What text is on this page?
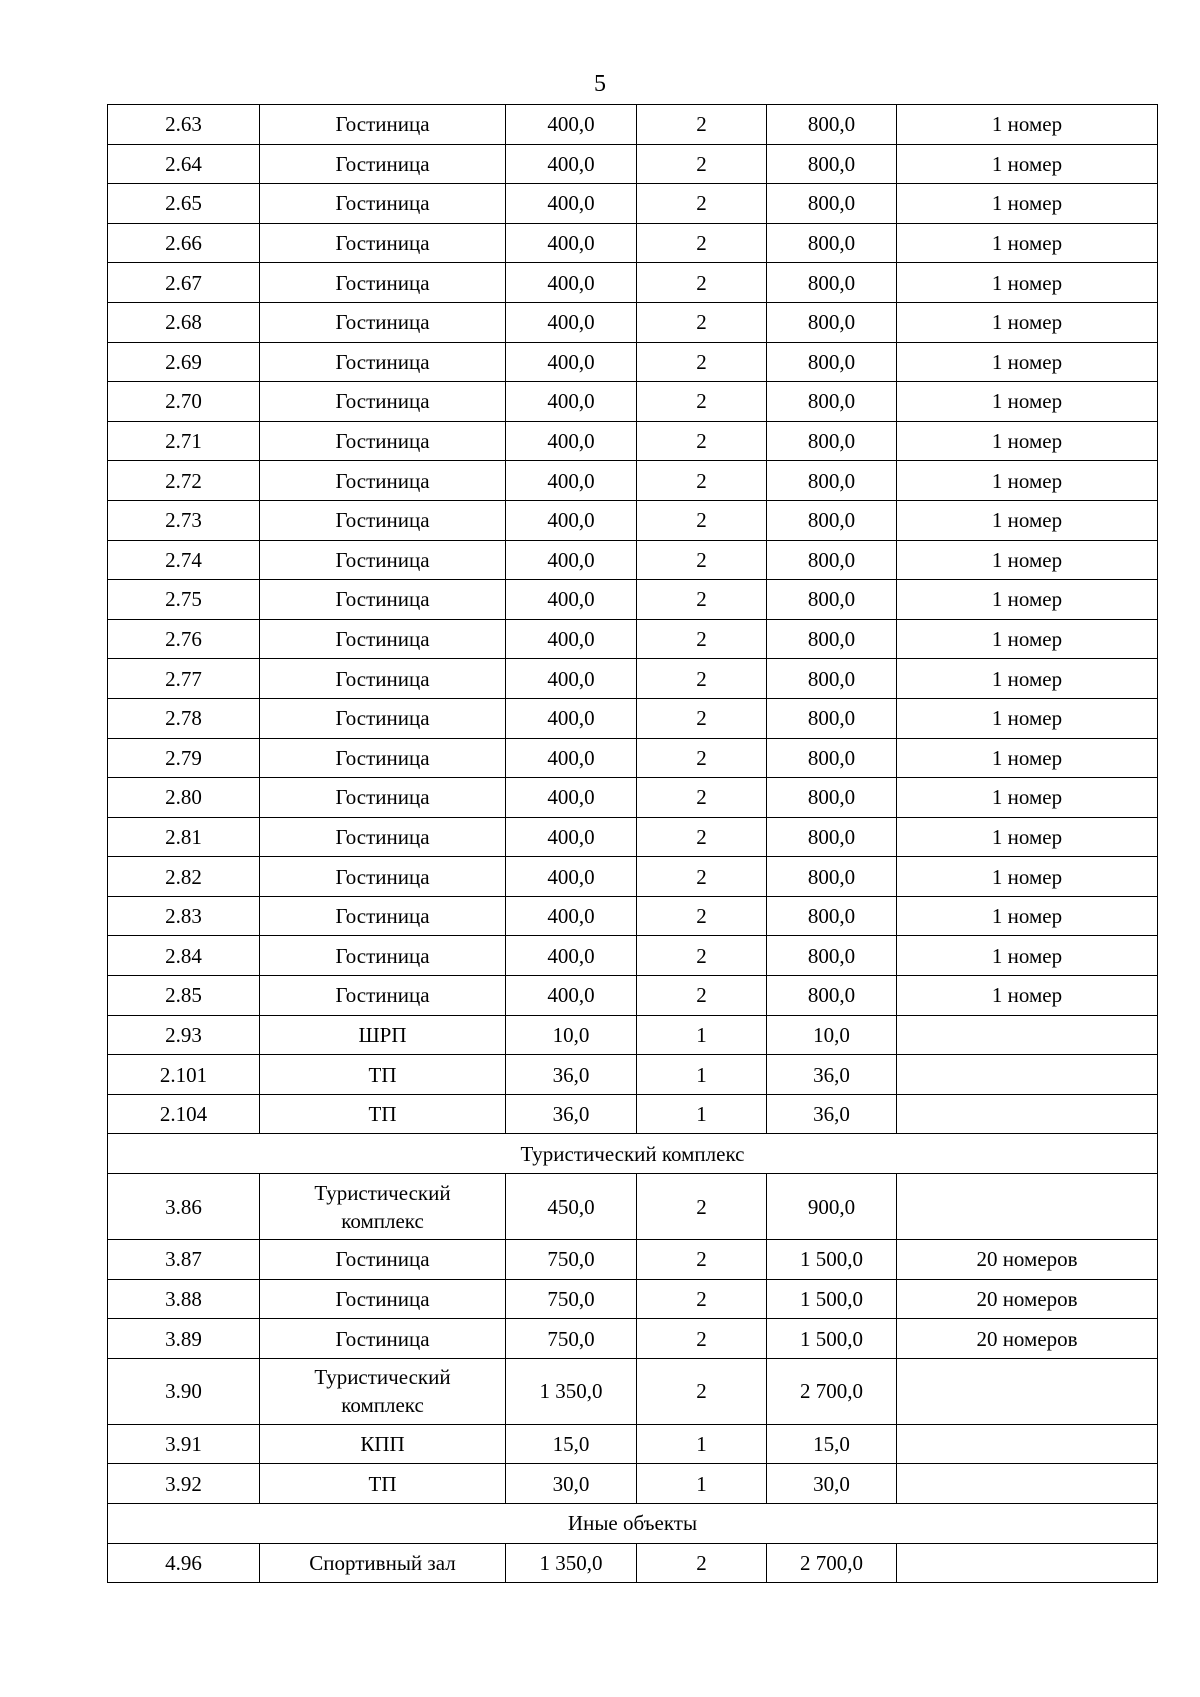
5
2.63	Гостиница	400,0	2	800,0	1 номер
2.64	Гостиница	400,0	2	800,0	1 номер
2.65	Гостиница	400,0	2	800,0	1 номер
2.66	Гостиница	400,0	2	800,0	1 номер
2.67	Гостиница	400,0	2	800,0	1 номер
2.68	Гостиница	400,0	2	800,0	1 номер
2.69	Гостиница	400,0	2	800,0	1 номер
2.70	Гостиница	400,0	2	800,0	1 номер
2.71	Гостиница	400,0	2	800,0	1 номер
2.72	Гостиница	400,0	2	800,0	1 номер
2.73	Гостиница	400,0	2	800,0	1 номер
2.74	Гостиница	400,0	2	800,0	1 номер
2.75	Гостиница	400,0	2	800,0	1 номер
2.76	Гостиница	400,0	2	800,0	1 номер
2.77	Гостиница	400,0	2	800,0	1 номер
2.78	Гостиница	400,0	2	800,0	1 номер
2.79	Гостиница	400,0	2	800,0	1 номер
2.80	Гостиница	400,0	2	800,0	1 номер
2.81	Гостиница	400,0	2	800,0	1 номер
2.82	Гостиница	400,0	2	800,0	1 номер
2.83	Гостиница	400,0	2	800,0	1 номер
2.84	Гостиница	400,0	2	800,0	1 номер
2.85	Гостиница	400,0	2	800,0	1 номер
2.93	ШРП	10,0	1	10,0	
2.101	ТП	36,0	1	36,0	
2.104	ТП	36,0	1	36,0	
Туристический комплекс					
3.86	Туристический
комплекс	450,0	2	900,0	
3.87	Гостиница	750,0	2	1 500,0	20 номеров
3.88	Гостиница	750,0	2	1 500,0	20 номеров
3.89	Гостиница	750,0	2	1 500,0	20 номеров
3.90	Туристический
комплекс	1 350,0	2	2 700,0	
3.91	КПП	15,0	1	15,0	
3.92	ТП	30,0	1	30,0	
Иные объекты					
4.96	Спортивный зал	1 350,0	2	2 700,0	
